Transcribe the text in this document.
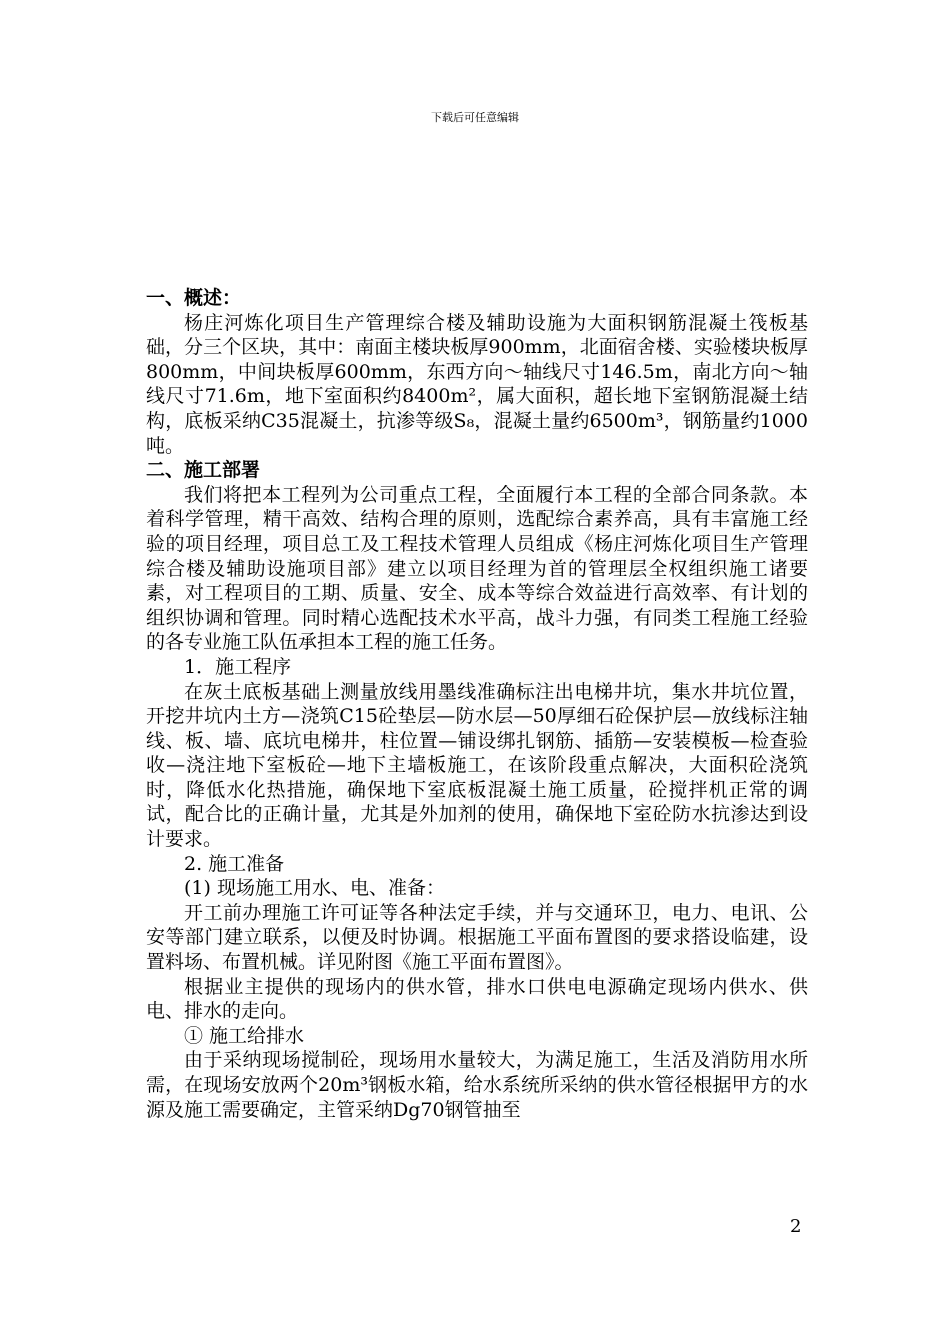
下载后可任意编辑

一、概述：

杨庄河炼化项目生产管理综合楼及辅助设施为大面积钢筋混凝土筏板基础，分三个区块，其中：南面主楼块板厚900mm，北面宿舍楼、实验楼块板厚800mm，中间块板厚600mm，东西方向～轴线尺寸146.5m，南北方向～轴线尺寸71.6m，地下室面积约8400m²，属大面积，超长地下室钢筋混凝土结构，底板采纳C35混凝土，抗渗等级S₈，混凝土量约6500m³，钢筋量约1000吨。

二、施工部署

我们将把本工程列为公司重点工程，全面履行本工程的全部合同条款。本着科学管理，精干高效、结构合理的原则，选配综合素养高，具有丰富施工经验的项目经理，项目总工及工程技术管理人员组成《杨庄河炼化项目生产管理综合楼及辅助设施项目部》建立以项目经理为首的管理层全权组织施工诸要素，对工程项目的工期、质量、安全、成本等综合效益进行高效率、有计划的组织协调和管理。同时精心选配技术水平高，战斗力强，有同类工程施工经验的各专业施工队伍承担本工程的施工任务。

1．施工程序

在灰土底板基础上测量放线用墨线准确标注出电梯井坑，集水井坑位置，开挖井坑内土方—浇筑C15砼垫层—防水层—50厚细石砼保护层—放线标注轴线、板、墙、底坑电梯井，柱位置—铺设绑扎钢筋、插筋—安装模板—检查验收—浇注地下室板砼—地下主墙板施工，在该阶段重点解决，大面积砼浇筑时，降低水化热措施，确保地下室底板混凝土施工质量，砼搅拌机正常的调试，配合比的正确计量，尤其是外加剂的使用，确保地下室砼防水抗渗达到设计要求。

2. 施工准备

(1) 现场施工用水、电、准备：

开工前办理施工许可证等各种法定手续，并与交通环卫，电力、电讯、公安等部门建立联系，以便及时协调。根据施工平面布置图的要求搭设临建，设置料场、布置机械。详见附图《施工平面布置图》。

根据业主提供的现场内的供水管，排水口供电电源确定现场内供水、供电、排水的走向。

① 施工给排水

由于采纳现场搅制砼，现场用水量较大，为满足施工，生活及消防用水所需，在现场安放两个20m³钢板水箱，给水系统所采纳的供水管径根据甲方的水源及施工需要确定，主管采纳Dg70钢管抽至

2
